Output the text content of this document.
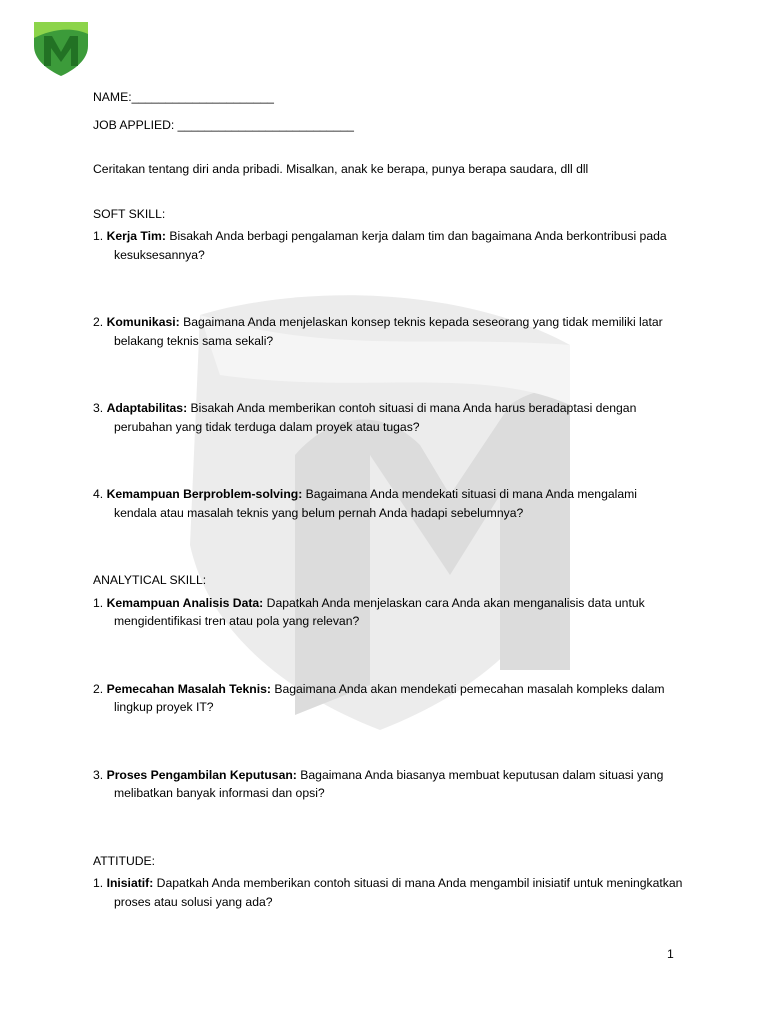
NAME:_____________________

JOB APPLIED: __________________________

Ceritakan tentang diri anda pribadi. Misalkan, anak ke berapa, punya berapa saudara, dll dll

SOFT SKILL:

1. Kerja Tim: Bisakah Anda berbagi pengalaman kerja dalam tim dan bagaimana Anda berkontribusi pada kesuksesannya?

2. Komunikasi: Bagaimana Anda menjelaskan konsep teknis kepada seseorang yang tidak memiliki latar belakang teknis sama sekali?

3. Adaptabilitas: Bisakah Anda memberikan contoh situasi di mana Anda harus beradaptasi dengan perubahan yang tidak terduga dalam proyek atau tugas?

4. Kemampuan Berproblem-solving: Bagaimana Anda mendekati situasi di mana Anda mengalami kendala atau masalah teknis yang belum pernah Anda hadapi sebelumnya?

ANALYTICAL SKILL:

1. Kemampuan Analisis Data: Dapatkah Anda menjelaskan cara Anda akan menganalisis data untuk mengidentifikasi tren atau pola yang relevan?

2. Pemecahan Masalah Teknis: Bagaimana Anda akan mendekati pemecahan masalah kompleks dalam lingkup proyek IT?

3. Proses Pengambilan Keputusan: Bagaimana Anda biasanya membuat keputusan dalam situasi yang melibatkan banyak informasi dan opsi?

ATTITUDE:

1. Inisiatif: Dapatkah Anda memberikan contoh situasi di mana Anda mengambil inisiatif untuk meningkatkan proses atau solusi yang ada?

1
